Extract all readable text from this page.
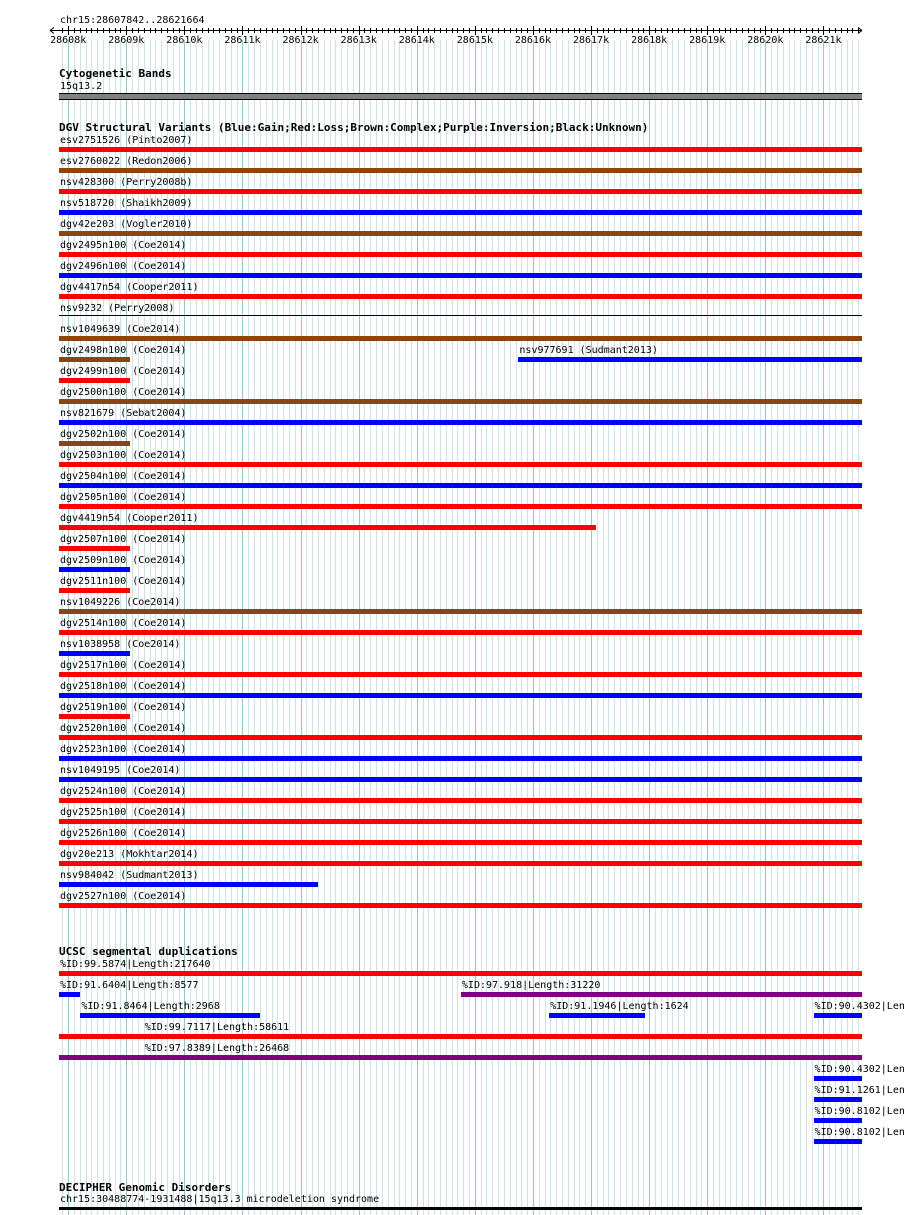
chr15:28607842..28621664
28608k 28609k 28610k 28611k 28612k 28613k 28614k 28615k 28616k 28617k 28618k 28619k 28620k 28621k
Cytogenetic Bands
15q13.2
DGV Structural Variants (Blue:Gain;Red:Loss;Brown:Complex;Purple:Inversion;Black:Unknown)
esv2751526 (Pinto2007)
esv2760022 (Redon2006)
nsv428300 (Perry2008b)
nsv518720 (Shaikh2009)
dgv42e203 (Vogler2010)
dgv2495n100 (Coe2014)
dgv2496n100 (Coe2014)
dgv4417n54 (Cooper2011)
nsv9232 (Perry2008)
nsv1049639 (Coe2014)
dgv2498n100 (Coe2014)	nsv977691 (Sudmant2013)
dgv2499n100 (Coe2014)
dgv2500n100 (Coe2014)
nsv821679 (Sebat2004)
dgv2502n100 (Coe2014)
dgv2503n100 (Coe2014)
dgv2504n100 (Coe2014)
dgv2505n100 (Coe2014)
dgv4419n54 (Cooper2011)
dgv2507n100 (Coe2014)
dgv2509n100 (Coe2014)
dgv2511n100 (Coe2014)
nsv1049226 (Coe2014)
dgv2514n100 (Coe2014)
nsv1038958 (Coe2014)
dgv2517n100 (Coe2014)
dgv2518n100 (Coe2014)
dgv2519n100 (Coe2014)
dgv2520n100 (Coe2014)
dgv2523n100 (Coe2014)
nsv1049195 (Coe2014)
dgv2524n100 (Coe2014)
dgv2525n100 (Coe2014)
dgv2526n100 (Coe2014)
dgv20e213 (Mokhtar2014)
nsv984042 (Sudmant2013)
dgv2527n100 (Coe2014)
UCSC segmental duplications
%ID:99.5874|Length:217640
%ID:91.6404|Length:8577	%ID:97.918|Length:31220
%ID:91.8464|Length:2968	%ID:91.1946|Length:1624	%ID:90.4302|Len
%ID:99.7117|Length:58611
%ID:97.8389|Length:26468
%ID:90.4302|Len
%ID:91.1261|Len
%ID:90.8102|Len
%ID:90.8102|Len
DECIPHER Genomic Disorders
chr15:30488774-1931488|15q13.3 microdeletion syndrome
